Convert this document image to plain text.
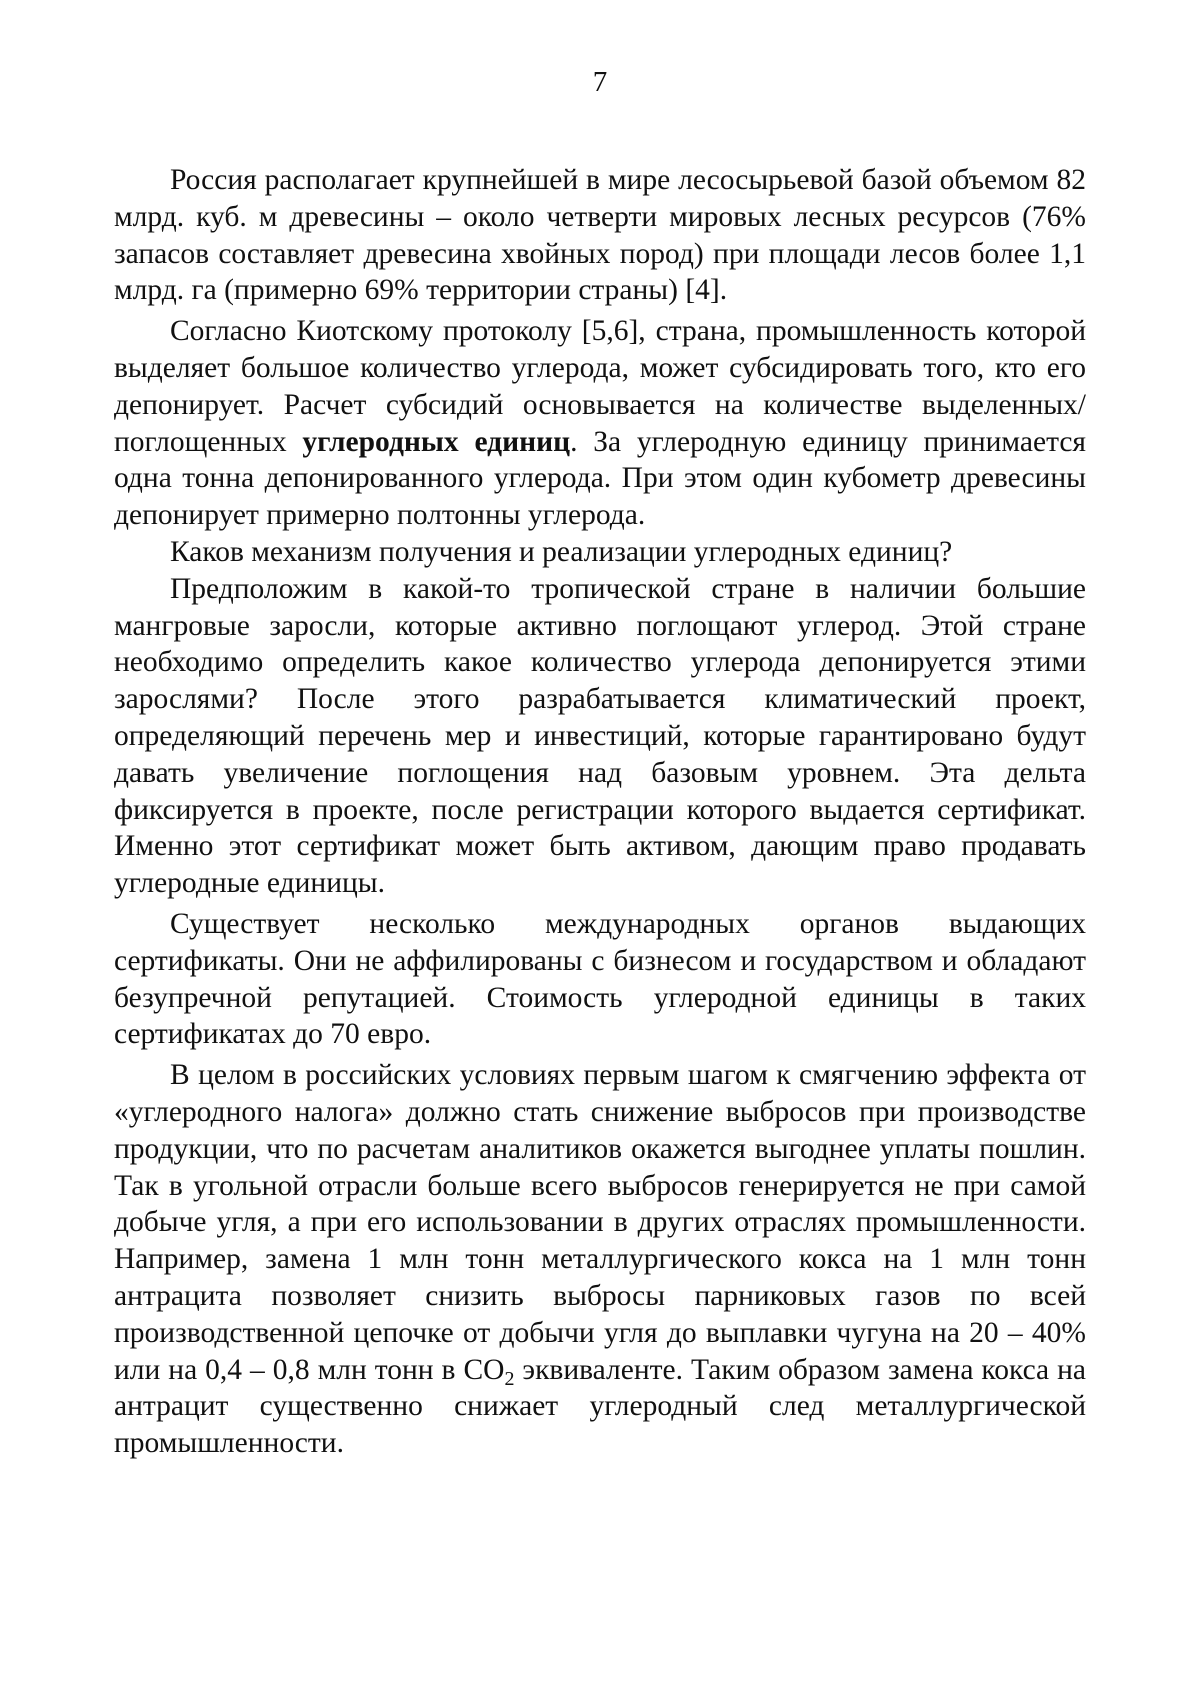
7

Россия располагает крупнейшей в мире лесосырьевой базой объемом 82 млрд. куб. м древесины – около четверти мировых лесных ресурсов (76% запасов составляет древесина хвойных пород) при площади лесов более 1,1 млрд. га (примерно 69% территории страны) [4].

Согласно Киотскому протоколу [5,6], страна, промышленность которой выделяет большое количество углерода, может субсидировать того, кто его депонирует. Расчет субсидий основывается на количестве выделенных/поглощенных углеродных единиц. За углеродную единицу принимается одна тонна депонированного углерода. При этом один кубометр древесины депонирует примерно полтонны углерода.

Каков механизм получения и реализации углеродных единиц?

Предположим в какой-то тропической стране в наличии большие мангровые заросли, которые активно поглощают углерод. Этой стране необходимо определить какое количество углерода депонируется этими зарослями? После этого разрабатывается климатический проект, определяющий перечень мер и инвестиций, которые гарантировано будут давать увеличение поглощения над базовым уровнем. Эта дельта фиксируется в проекте, после регистрации которого выдается сертификат. Именно этот сертификат может быть активом, дающим право продавать углеродные единицы.

Существует несколько международных органов выдающих сертификаты. Они не аффилированы с бизнесом и государством и обладают безупречной репутацией. Стоимость углеродной единицы в таких сертификатах до 70 евро.

В целом в российских условиях первым шагом к смягчению эффекта от «углеродного налога» должно стать снижение выбросов при производстве продукции, что по расчетам аналитиков окажется выгоднее уплаты пошлин. Так в угольной отрасли больше всего выбросов генерируется не при самой добыче угля, а при его использовании в других отраслях промышленности. Например, замена 1 млн тонн металлургического кокса на 1 млн тонн антрацита позволяет снизить выбросы парниковых газов по всей производственной цепочке от добычи угля до выплавки чугуна на 20 – 40% или на 0,4 – 0,8 млн тонн в $CO_2$ эквиваленте. Таким образом замена кокса на антрацит существенно снижает углеродный след металлургической промышленности.
